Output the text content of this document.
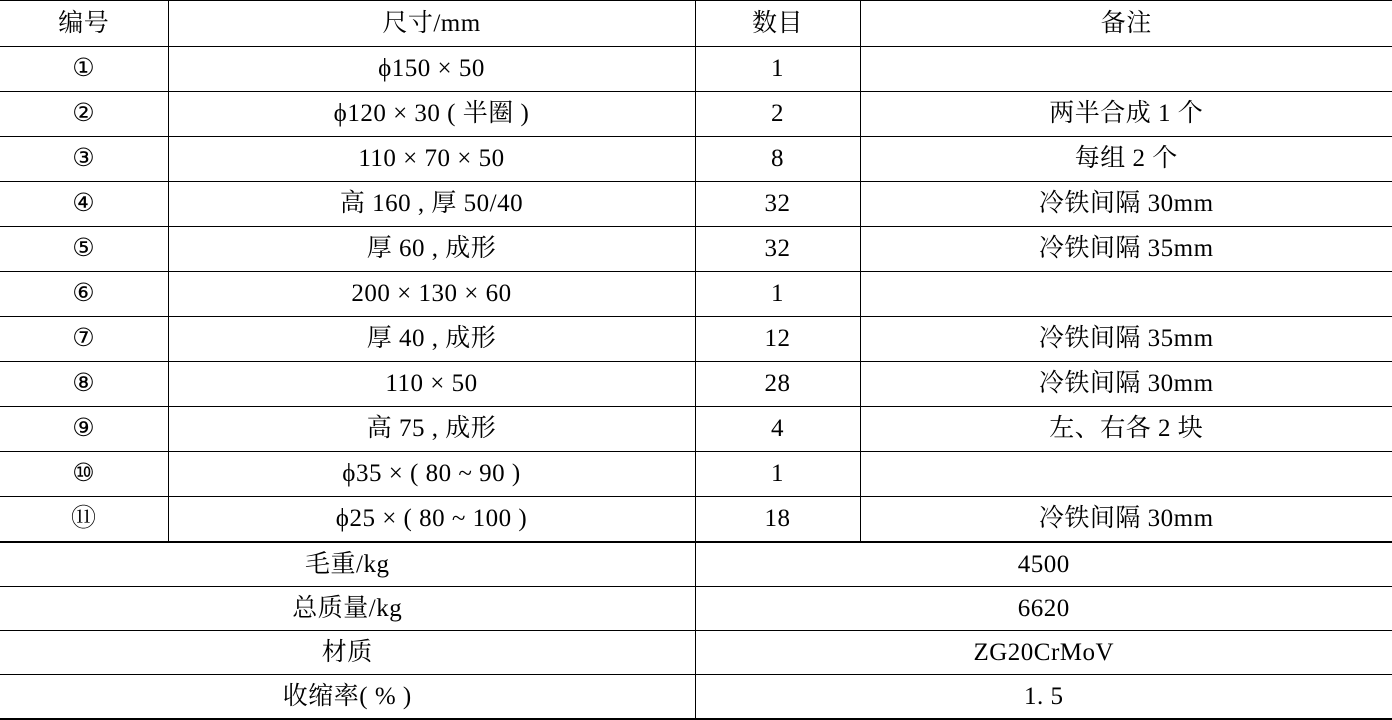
编号	尺寸/mm	数目	备注
①	ϕ150 × 50	1	
②	ϕ120 × 30 ( 半圈 )	2	两半合成 1 个
③	110 × 70 × 50	8	每组 2 个
④	高 160 , 厚 50/40	32	冷铁间隔 30mm
⑤	厚 60 , 成形	32	冷铁间隔 35mm
⑥	200 × 130 × 60	1	
⑦	厚 40 , 成形	12	冷铁间隔 35mm
⑧	110 × 50	28	冷铁间隔 30mm
⑨	高 75 , 成形	4	左、右各 2 块
⑩	ϕ35 × ( 80 ~ 90 )	1	
⑪	ϕ25 × ( 80 ~ 100 )	18	冷铁间隔 30mm
毛重/kg		4500	
总质量/kg		6620	
材质		ZG20CrMoV	
收缩率( % )		1. 5	
